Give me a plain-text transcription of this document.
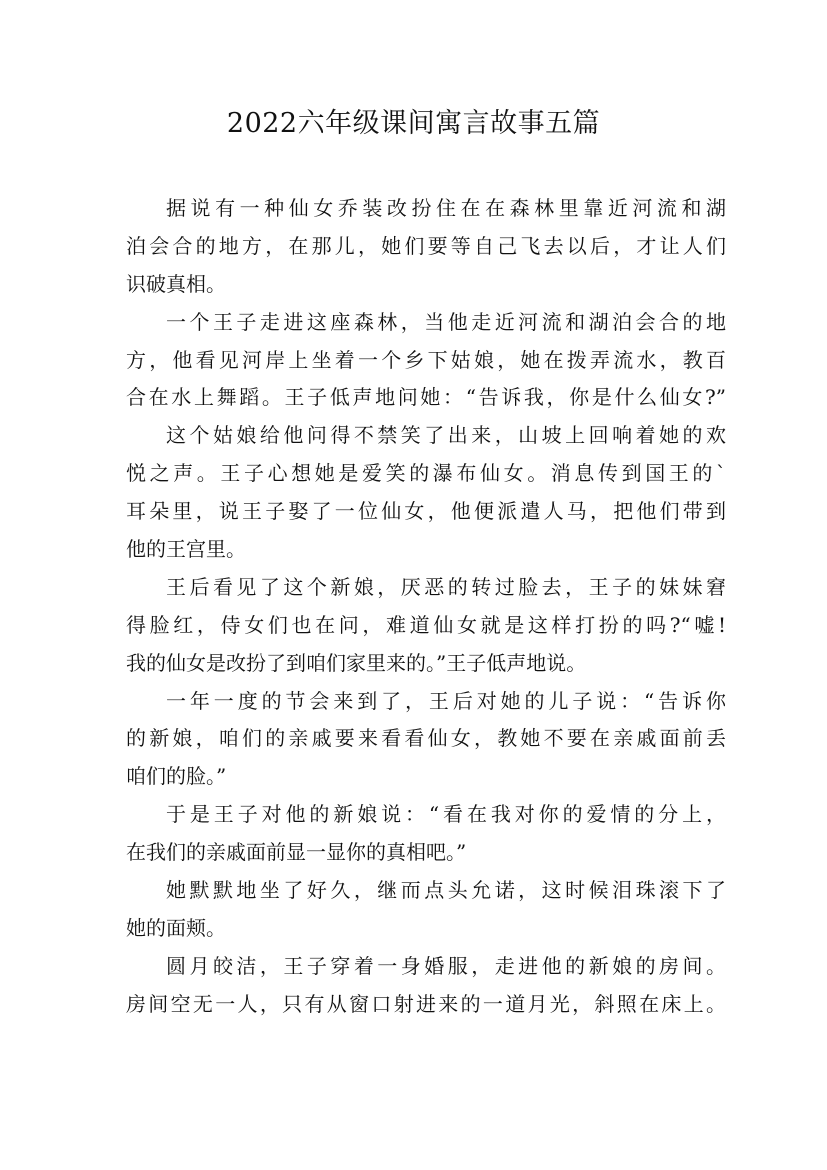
2022六年级课间寓言故事五篇

据说有一种仙女乔装改扮住在在森林里靠近河流和湖
泊会合的地方，在那儿，她们要等自己飞去以后，才让人们
识破真相。

一个王子走进这座森林，当他走近河流和湖泊会合的地
方，他看见河岸上坐着一个乡下姑娘，她在拨弄流水，教百
合在水上舞蹈。王子低声地问她：“告诉我，你是什么仙女?”

这个姑娘给他问得不禁笑了出来，山坡上回响着她的欢
悦之声。王子心想她是爱笑的瀑布仙女。消息传到国王的`
耳朵里，说王子娶了一位仙女，他便派遣人马，把他们带到
他的王宫里。

王后看见了这个新娘，厌恶的转过脸去，王子的妹妹窘
得脸红，侍女们也在问，难道仙女就是这样打扮的吗?“嘘!
我的仙女是改扮了到咱们家里来的。”王子低声地说。

一年一度的节会来到了，王后对她的儿子说：“告诉你
的新娘，咱们的亲戚要来看看仙女，教她不要在亲戚面前丢
咱们的脸。”

于是王子对他的新娘说：“看在我对你的爱情的分上，
在我们的亲戚面前显一显你的真相吧。”

她默默地坐了好久，继而点头允诺，这时候泪珠滚下了
她的面颊。

圆月皎洁，王子穿着一身婚服，走进他的新娘的房间。
房间空无一人，只有从窗口射进来的一道月光，斜照在床上。
